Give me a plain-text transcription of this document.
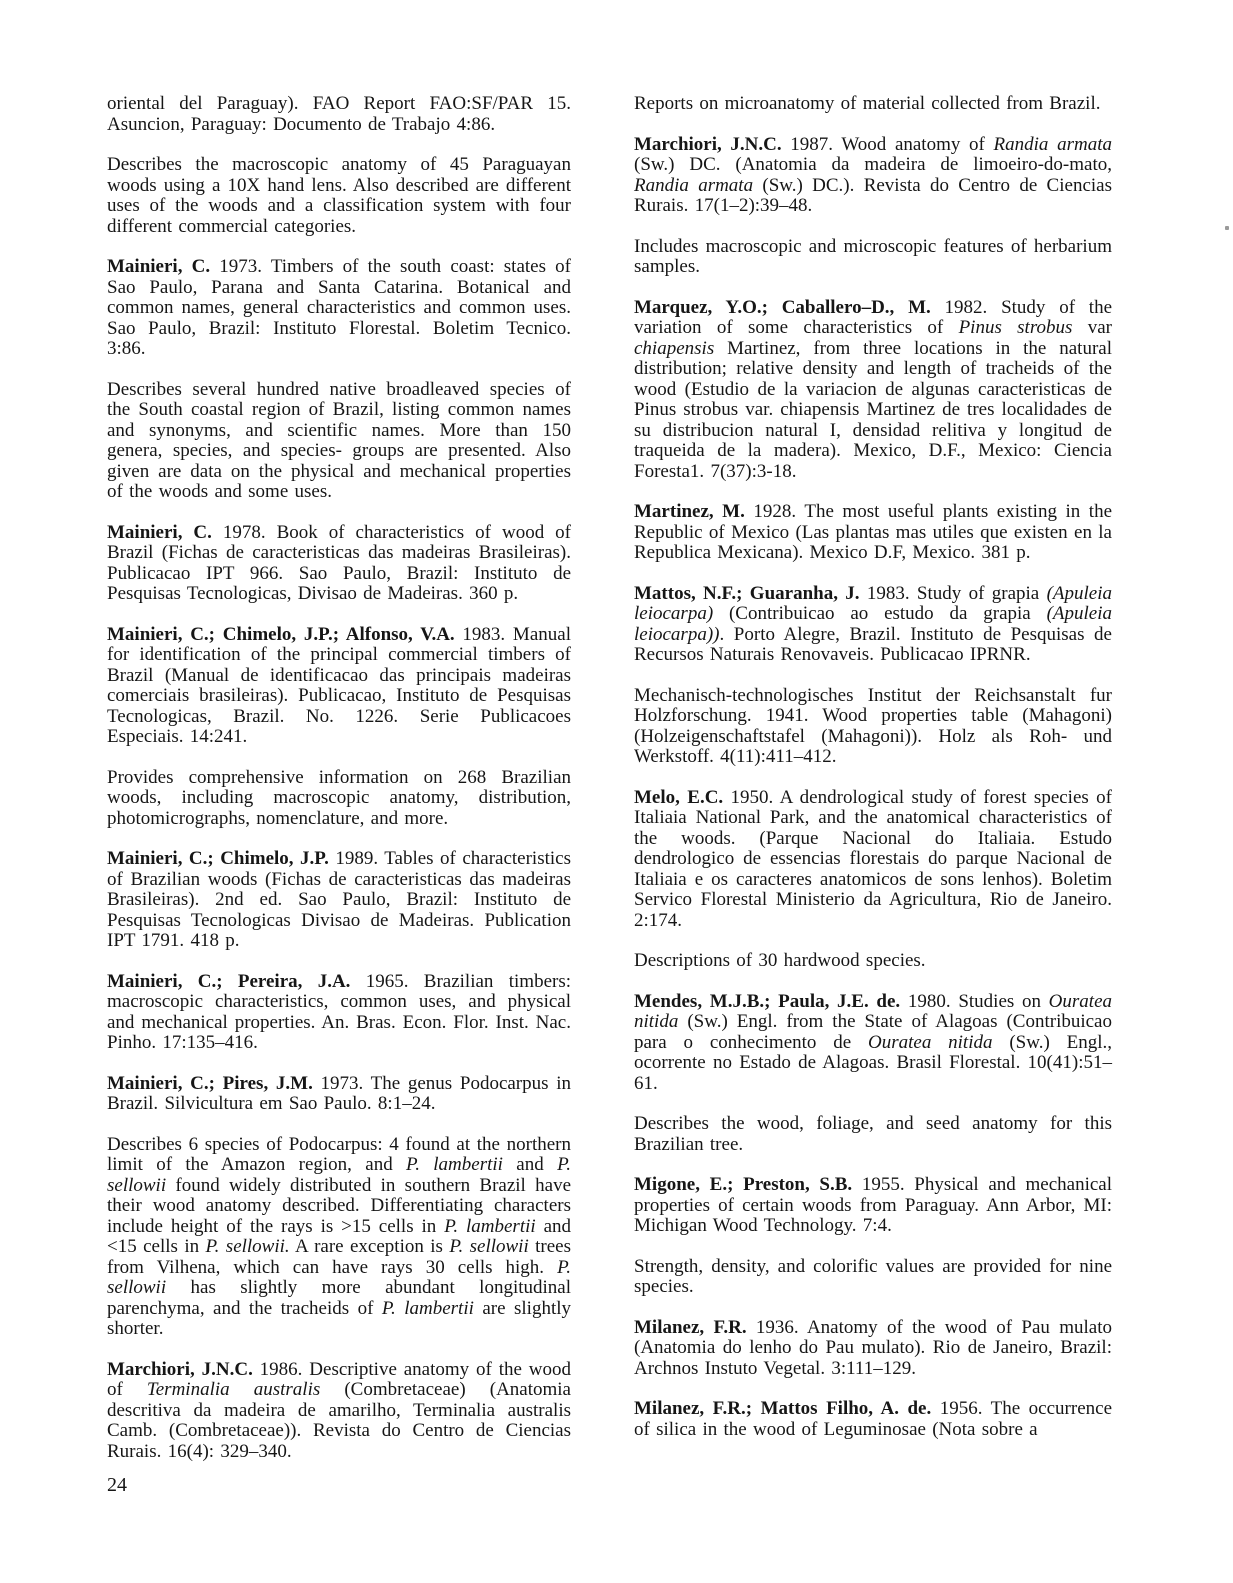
oriental del Paraguay). FAO Report FAO:SF/PAR 15. Asuncion, Paraguay: Documento de Trabajo 4:86.

Describes the macroscopic anatomy of 45 Paraguayan woods using a 10X hand lens. Also described are different uses of the woods and a classification system with four different commercial categories.

Mainieri, C. 1973. Timbers of the south coast: states of Sao Paulo, Parana and Santa Catarina. Botanical and common names, general characteristics and common uses. Sao Paulo, Brazil: Instituto Florestal. Boletim Tecnico. 3:86.

Describes several hundred native broadleaved species of the South coastal region of Brazil, listing common names and synonyms, and scientific names. More than 150 genera, species, and species- groups are presented. Also given are data on the physical and mechanical properties of the woods and some uses.

Mainieri, C. 1978. Book of characteristics of wood of Brazil (Fichas de caracteristicas das madeiras Brasileiras). Publicacao IPT 966. Sao Paulo, Brazil: Instituto de Pesquisas Tecnologicas, Divisao de Madeiras. 360 p.

Mainieri, C.; Chimelo, J.P.; Alfonso, V.A. 1983. Manual for identification of the principal commercial timbers of Brazil (Manual de identificacao das principais madeiras comerciais brasileiras). Publicacao, Instituto de Pesquisas Tecnologicas, Brazil. No. 1226. Serie Publicacoes Especiais. 14:241.

Provides comprehensive information on 268 Brazilian woods, including macroscopic anatomy, distribution, photomicrographs, nomenclature, and more.

Mainieri, C.; Chimelo, J.P. 1989. Tables of characteristics of Brazilian woods (Fichas de caracteristicas das madeiras Brasileiras). 2nd ed. Sao Paulo, Brazil: Instituto de Pesquisas Tecnologicas Divisao de Madeiras. Publication IPT 1791. 418 p.

Mainieri, C.; Pereira, J.A. 1965. Brazilian timbers: macroscopic characteristics, common uses, and physical and mechanical properties. An. Bras. Econ. Flor. Inst. Nac. Pinho. 17:135–416.

Mainieri, C.; Pires, J.M. 1973. The genus Podocarpus in Brazil. Silvicultura em Sao Paulo. 8:1–24.

Describes 6 species of Podocarpus: 4 found at the northern limit of the Amazon region, and P. lambertii and P. sellowii found widely distributed in southern Brazil have their wood anatomy described. Differentiating characters include height of the rays is >15 cells in P. lambertii and <15 cells in P. sellowii. A rare exception is P. sellowii trees from Vilhena, which can have rays 30 cells high. P. sellowii has slightly more abundant longitudinal parenchyma, and the tracheids of P. lambertii are slightly shorter.

Marchiori, J.N.C. 1986. Descriptive anatomy of the wood of Terminalia australis (Combretaceae) (Anatomia descritiva da madeira de amarilho, Terminalia australis Camb. (Combretaceae)). Revista do Centro de Ciencias Rurais. 16(4): 329–340.

Reports on microanatomy of material collected from Brazil.

Marchiori, J.N.C. 1987. Wood anatomy of Randia armata (Sw.) DC. (Anatomia da madeira de limoeiro-do-mato, Randia armata (Sw.) DC.). Revista do Centro de Ciencias Rurais. 17(1–2):39–48.

Includes macroscopic and microscopic features of herbarium samples.

Marquez, Y.O.; Caballero–D., M. 1982. Study of the variation of some characteristics of Pinus strobus var chiapensis Martinez, from three locations in the natural distribution; relative density and length of tracheids of the wood (Estudio de la variacion de algunas caracteristicas de Pinus strobus var. chiapensis Martinez de tres localidades de su distribucion natural I, densidad relitiva y longitud de traqueida de la madera). Mexico, D.F., Mexico: Ciencia Foresta1. 7(37):3-18.

Martinez, M. 1928. The most useful plants existing in the Republic of Mexico (Las plantas mas utiles que existen en la Republica Mexicana). Mexico D.F, Mexico. 381 p.

Mattos, N.F.; Guaranha, J. 1983. Study of grapia (Apuleia leiocarpa) (Contribuicao ao estudo da grapia (Apuleia leiocarpa)). Porto Alegre, Brazil. Instituto de Pesquisas de Recursos Naturais Renovaveis. Publicacao IPRNR.

Mechanisch-technologisches Institut der Reichsanstalt fur Holzforschung. 1941. Wood properties table (Mahagoni) (Holzeigenschaftstafel (Mahagoni)). Holz als Roh- und Werkstoff. 4(11):411–412.

Melo, E.C. 1950. A dendrological study of forest species of Italiaia National Park, and the anatomical characteristics of the woods. (Parque Nacional do Italiaia. Estudo dendrologico de essencias florestais do parque Nacional de Italiaia e os caracteres anatomicos de sons lenhos). Boletim Servico Florestal Ministerio da Agricultura, Rio de Janeiro. 2:174.

Descriptions of 30 hardwood species.

Mendes, M.J.B.; Paula, J.E. de. 1980. Studies on Ouratea nitida (Sw.) Engl. from the State of Alagoas (Contribuicao para o conhecimento de Ouratea nitida (Sw.) Engl., ocorrente no Estado de Alagoas. Brasil Florestal. 10(41):51–61.

Describes the wood, foliage, and seed anatomy for this Brazilian tree.

Migone, E.; Preston, S.B. 1955. Physical and mechanical properties of certain woods from Paraguay. Ann Arbor, MI: Michigan Wood Technology. 7:4.

Strength, density, and colorific values are provided for nine species.

Milanez, F.R. 1936. Anatomy of the wood of Pau mulato (Anatomia do lenho do Pau mulato). Rio de Janeiro, Brazil: Archnos Instuto Vegetal. 3:111–129.

Milanez, F.R.; Mattos Filho, A. de. 1956. The occurrence of silica in the wood of Leguminosae (Nota sobre a

24
